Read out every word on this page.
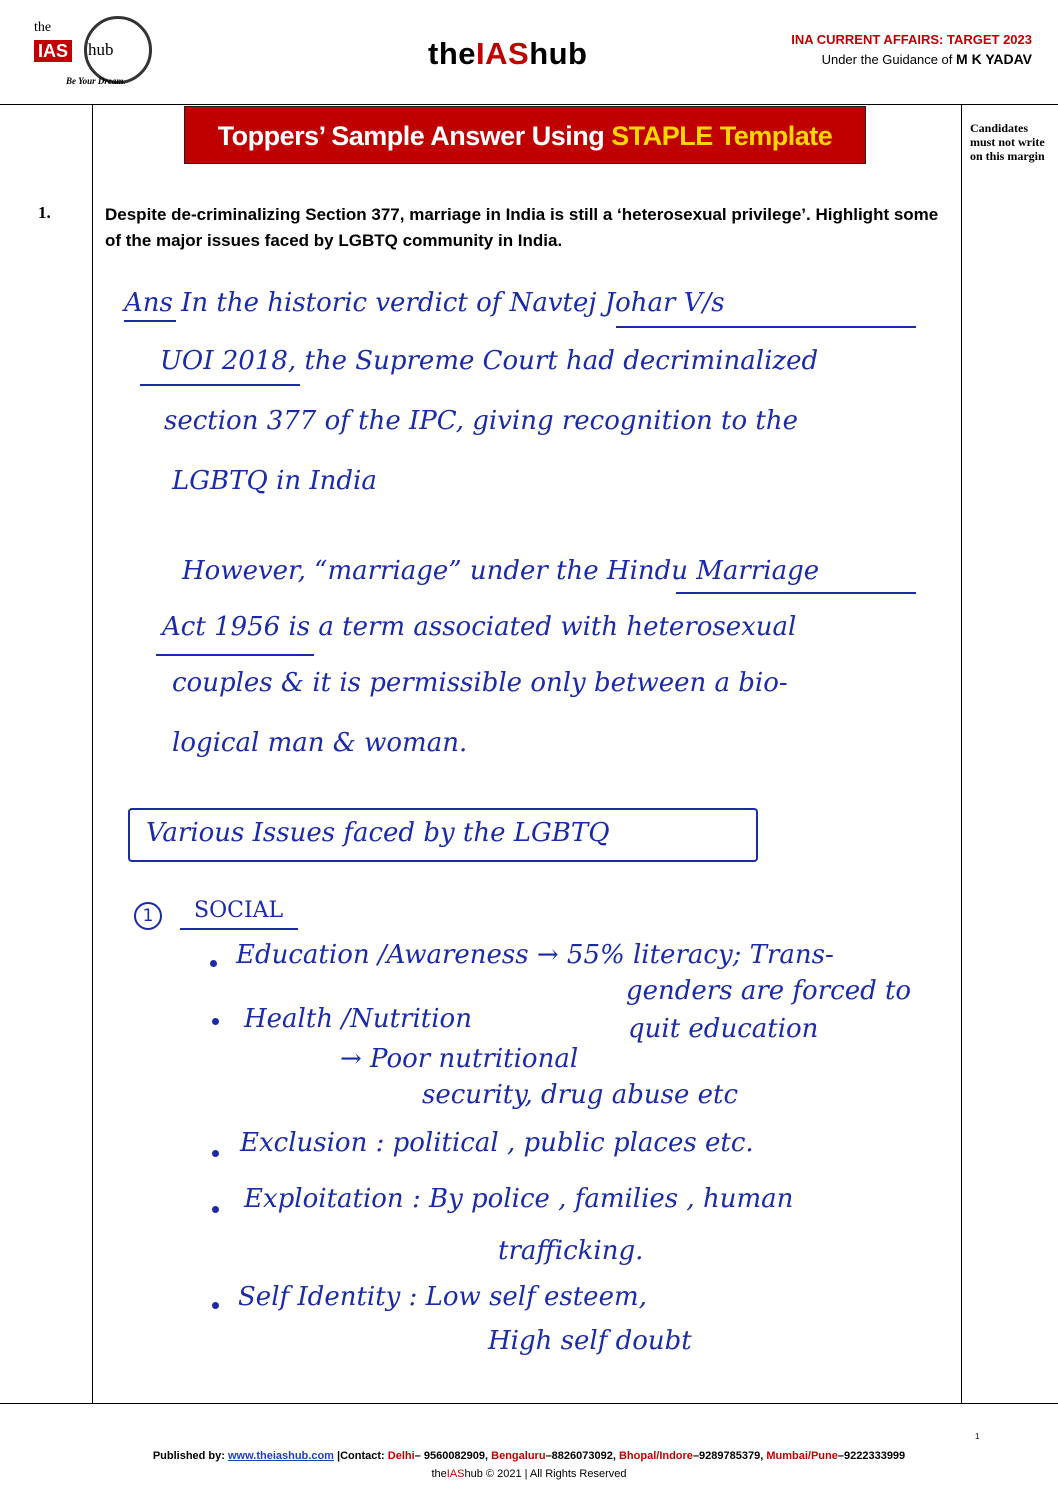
the
IAS hub
Be Your Dream.
theIAShub	INA CURRENT AFFAIRS: TARGET 2023
Under the Guidance of M K YADAV
Toppers’ Sample Answer Using STAPLE Template	Candidates must not write on this margin
1.	Despite de-criminalizing Section 377, marriage in India is still a ‘heterosexual privilege’. Highlight some of the major issues faced by LGBTQ community in India.
Ans In the historic verdict of Navtej Johar V/s
UOI 2018, the Supreme Court had decriminalized
section 377 of the IPC, giving recognition to the
LGBTQ in India
However, “marriage” under the Hindu Marriage
Act 1956 is a term associated with heterosexual
couples & it is permissible only between a bio-
logical man & woman.
Various Issues faced by the LGBTQ
1	SOCIAL
Education /Awareness → 55% literacy; Trans-
genders are forced to
quit education
Health /Nutrition
→ Poor nutritional
security, drug abuse etc
Exclusion : political , public places etc.
Exploitation : By police , families , human
trafficking.
Self Identity : Low self esteem,
High self doubt
1
Published by: www.theiashub.com |Contact: Delhi– 9560082909, Bengaluru–8826073092, Bhopal/Indore–9289785379, Mumbai/Pune–9222333999
theIAShub © 2021 | All Rights Reserved
